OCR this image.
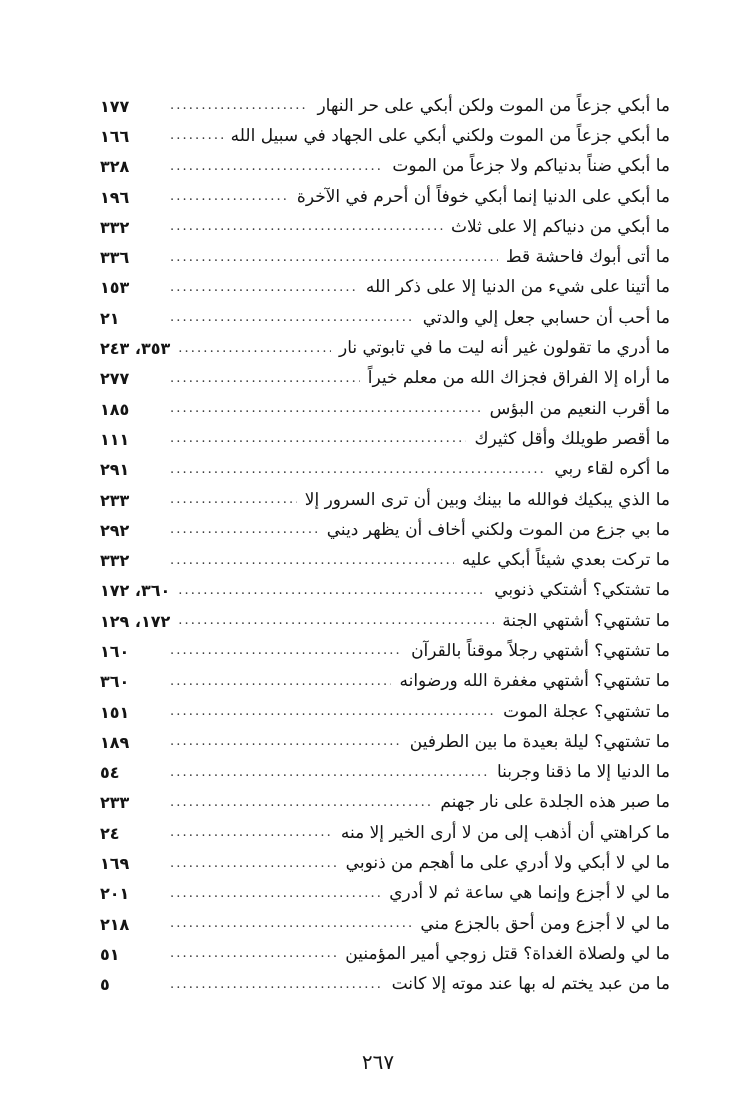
ما أبكي جزعاً من الموت ولكن أبكي على حر النهار
. . .
١٧٧
ما أبكي جزعاً من الموت ولكني أبكي على الجهاد في سبيل الله
. . .
١٦٦
ما أبكي ضناً بدنياكم ولا جزعاً من الموت
. . .
٣٢٨
ما أبكي على الدنيا إنما أبكي خوفاً أن أحرم في الآخرة
. . .
١٩٦
ما أبكي من دنياكم إلا على ثلاث
. . .
٣٣٢
ما أتى أبوك فاحشة قط
. . .
٣٣٦
ما أتينا على شيء من الدنيا إلا على ذكر الله
. . .
١٥٣
ما أحب أن حسابي جعل إلي والدتي
. . .
٢١
ما أدري ما تقولون غير أنه ليت ما في تابوتي نار
. . .
٣٥٣، ٢٤٣
ما أراه إلا الفراق فجزاك الله من معلم خيراً
. . .
٢٧٧
ما أقرب النعيم من البؤس
. . .
١٨٥
ما أقصر طويلك وأقل كثيرك
. . .
١١١
ما أكره لقاء ربي
. . .
٢٩١
ما الذي يبكيك فوالله ما بينك وبين أن ترى السرور إلا
. . .
٢٣٣
ما بي جزع من الموت ولكني أخاف أن يظهر ديني
. . .
٢٩٢
ما تركت بعدي شيئاً أبكي عليه
. . .
٣٣٢
ما تشتكي؟ أشتكي ذنوبي
. . .
٣٦٠، ١٧٢
ما تشتهي؟ أشتهي الجنة
. . .
١٧٢، ١٢٩
ما تشتهي؟ أشتهي رجلاً موقناً بالقرآن
. . .
١٦٠
ما تشتهي؟ أشتهي مغفرة الله ورضوانه
. . .
٣٦٠
ما تشتهي؟ عجلة الموت
. . .
١٥١
ما تشتهي؟ ليلة بعيدة ما بين الطرفين
. . .
١٨٩
ما الدنيا إلا ما ذقنا وجربنا
. . .
٥٤
ما صبر هذه الجلدة على نار جهنم
. . .
٢٣٣
ما كراهتي أن أذهب إلى من لا أرى الخير إلا منه
. . .
٢٤
ما لي لا أبكي ولا أدري على ما أهجم من ذنوبي
. . .
١٦٩
ما لي لا أجزع وإنما هي ساعة ثم لا أدري
. . .
٢٠١
ما لي لا أجزع ومن أحق بالجزع مني
. . .
٢١٨
ما لي ولصلاة الغداة؟ قتل زوجي أمير المؤمنين
. . .
٥١
ما من عبد يختم له بها عند موته إلا كانت
. . .
٥
٢٦٧
